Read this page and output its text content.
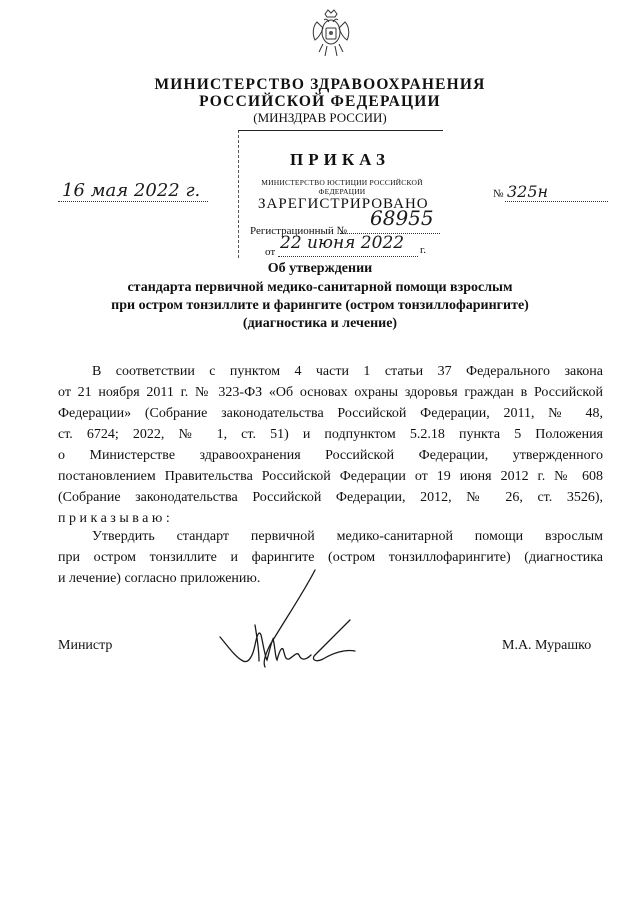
МИНИСТЕРСТВО ЗДРАВООХРАНЕНИЯ
РОССИЙСКОЙ ФЕДЕРАЦИИ
(МИНЗДРАВ РОССИИ)
ПРИКАЗ
МИНИСТЕРСТВО ЮСТИЦИИ РОССИЙСКОЙ ФЕДЕРАЦИИ
ЗАРЕГИСТРИРОВАНО
Регистрационный №
68955
от 22 июня 2022 г.
16 мая 2022 г.	№ 325н
Об утверждении
стандарта первичной медико-санитарной помощи взрослым
при остром тонзиллите и фарингите (остром тонзиллофарингите)
(диагностика и лечение)
В соответствии с пунктом 4 части 1 статьи 37 Федерального закона
от 21 ноября 2011 г. № 323-ФЗ «Об основах охраны здоровья граждан в Российской
Федерации» (Собрание законодательства Российской Федерации, 2011, № 48,
ст. 6724; 2022, № 1, ст. 51) и подпунктом 5.2.18 пункта 5 Положения
о Министерстве здравоохранения Российской Федерации, утвержденного
постановлением Правительства Российской Федерации от 19 июня 2012 г. № 608
(Собрание законодательства Российской Федерации, 2012, № 26, ст. 3526),
приказываю:
Утвердить стандарт первичной медико-санитарной помощи взрослым
при остром тонзиллите и фарингите (остром тонзиллофарингите) (диагностика
и лечение) согласно приложению.
Министр	М.А. Мурашко
